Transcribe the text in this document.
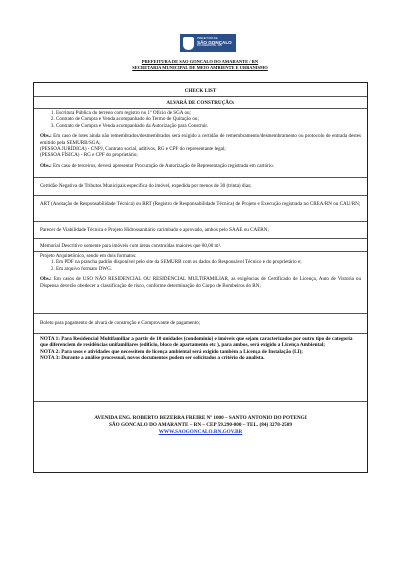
PREFEITURA DE
SÃO GONÇALO
DO AMARANTE - RN
PREFEITURA DE SAO GONCALO DO AMARANTE / RN
SECRETARIA MUNICIPAL DE MEIO AMBIENTE E URBANISMO
CHECK LIST
ALVARÁ DE CONSTRUÇÃO:
1. Escritura Pública do terreno com registro no 1º Ofício de SGA ou;
2. Contrato de Compra e Venda acompanhado do Termo de Quitação ou;
3. Contrato de Compra e Venda acompanhado da Autorização para Construir.
Obs.: Em caso de lotes ainda não remembrados/desmembrados será exigido a certidão de remembramento/desmembramento ou protocolo de entrada destes emitido pela SEMURB/SGA;
(PESSOA JURÍDICA) - CNPJ, Contrato social, aditivos, RG e CPF do representante legal;
(PESSOA FÍSICA) - RG e CPF do proprietário;
Obs.: Em caso de terceiros, deverá apresentar Procuração de Autorização de Representação registrada em cartório.
Certidão Negativa de Tributos Municipais específica do imóvel, expedida por menos de 30 (trinta) dias;
ART (Anotação de Responsabilidade Técnica) ou RRT (Registro de Responsabilidade Técnica) de Projeto e Execução registrada no CREA/RN ou CAU/RN;
Parecer de Viabilidade Técnica e Projeto Hidrossanitário carimbado e aprovado, ambos pelo SAAE ou CAERN;
Memorial Descritivo somente para imóveis com áreas construídas maiores que 80,00 m².
Projeto Arquitetônico, sendo em dois formatos:
1. Em PDF na prancha padrão disponível pelo site da SEMURB com os dados do Responsável Técnico e do proprietário e;
2. Em arquivo formato DWG.
Obs.: Em casos de USO NÃO RESIDENCIAL OU RESIDENCIAL MULTIFAMILIAR, as exigências de Certificado de Licença, Auto de Vistoria ou Dispensa deverão obedecer a classificação de risco, conforme determinação do Corpo de Bombeiros do RN;
Boleto para pagamento de alvará de construção e Comprovante de pagamento;
NOTA 1: Para Residencial Multifamiliar a partir de 10 unidades (condomínio) e imóveis que sejam caracterizados por outro tipo de categoria que diferenciem de residências unifamiliares (edifício, bloco de apartamento etc ), para ambos, será exigido a Licença Ambiental;
NOTA 2: Para usos e atividades que necessitem de licença ambiental será exigido também a Licença de Instalação (LI);
NOTA 3: Durante a análise processual, novos documentos podem ser solicitados a critério do analista.
AVENIDA ENG. ROBERTO BEZERRA FREIRE Nº 1000 – SANTO ANTONIO DO POTENGI
SÃO GONCALO DO AMARANTE – RN – CEP 59.290-000 – TEL. (84) 3278-2509
WWW.SAOGONCALO.RN.GOV.BR
